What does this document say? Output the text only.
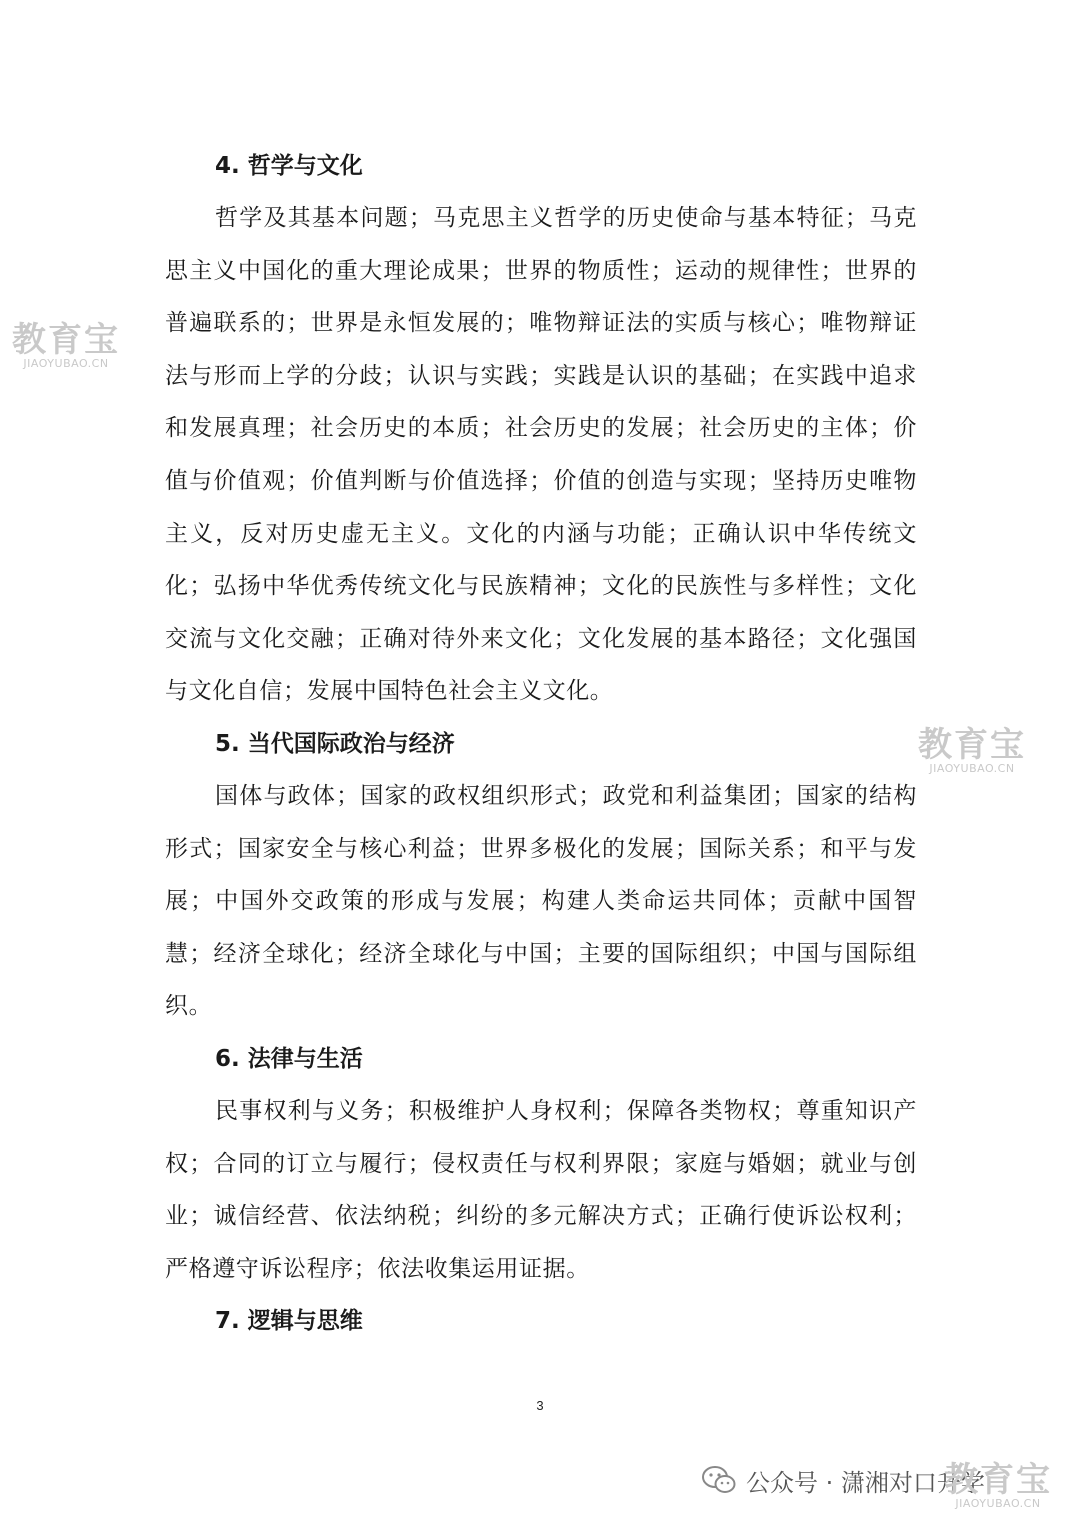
4. 哲学与文化

哲学及其基本问题；马克思主义哲学的历史使命与基本特征；马克思主义中国化的重大理论成果；世界的物质性；运动的规律性；世界的普遍联系的；世界是永恒发展的；唯物辩证法的实质与核心；唯物辩证法与形而上学的分歧；认识与实践；实践是认识的基础；在实践中追求和发展真理；社会历史的本质；社会历史的发展；社会历史的主体；价值与价值观；价值判断与价值选择；价值的创造与实现；坚持历史唯物主义，反对历史虚无主义。文化的内涵与功能；正确认识中华传统文化；弘扬中华优秀传统文化与民族精神；文化的民族性与多样性；文化交流与文化交融；正确对待外来文化；文化发展的基本路径；文化强国与文化自信；发展中国特色社会主义文化。

5. 当代国际政治与经济

国体与政体；国家的政权组织形式；政党和利益集团；国家的结构形式；国家安全与核心利益；世界多极化的发展；国际关系；和平与发展；中国外交政策的形成与发展；构建人类命运共同体；贡献中国智慧；经济全球化；经济全球化与中国；主要的国际组织；中国与国际组织。

6. 法律与生活

民事权利与义务；积极维护人身权利；保障各类物权；尊重知识产权；合同的订立与履行；侵权责任与权利界限；家庭与婚姻；就业与创业；诚信经营、依法纳税；纠纷的多元解决方式；正确行使诉讼权利；严格遵守诉讼程序；依法收集运用证据。

7. 逻辑与思维
3
教育宝
JIAOYUBAO.CN
教育宝
JIAOYUBAO.CN
公众号 · 潇湘对口升学
教育宝
JIAOYUBAO.CN
